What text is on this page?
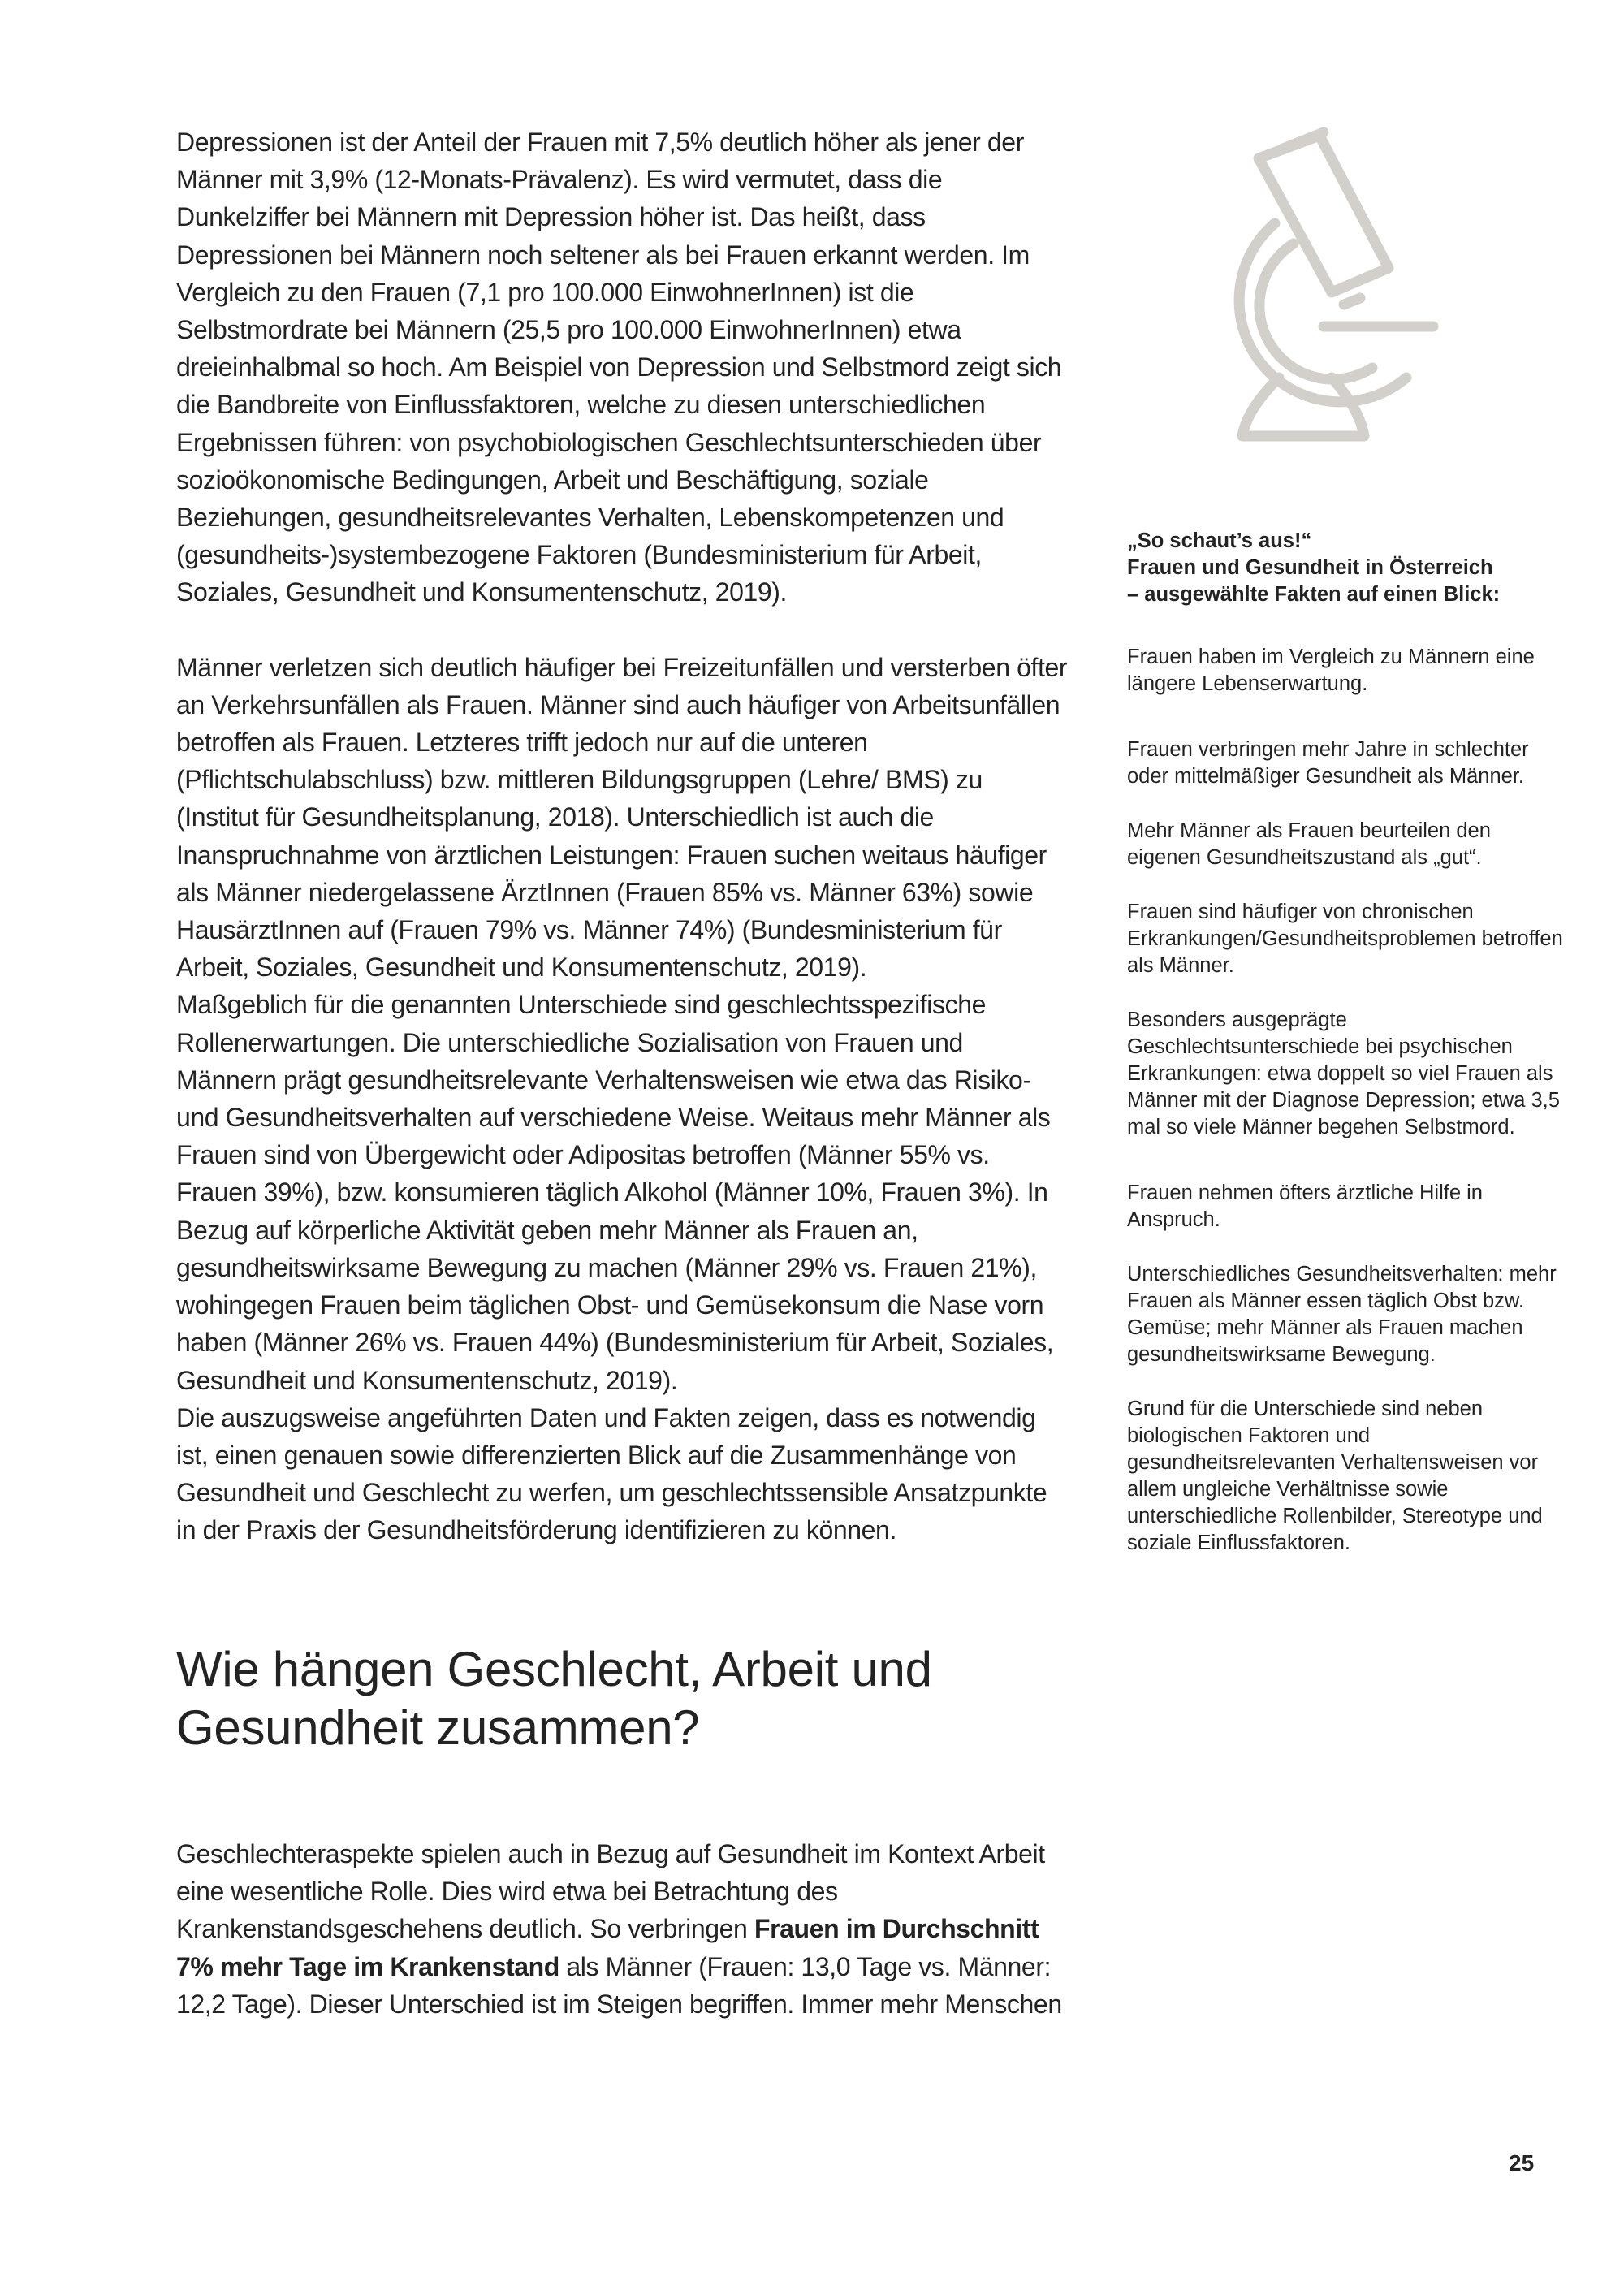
Depressionen ist der Anteil der Frauen mit 7,5% deutlich höher als jener der Männer mit 3,9% (12-Monats-Prävalenz). Es wird vermutet, dass die Dunkelziffer bei Männern mit Depression höher ist. Das heißt, dass Depressionen bei Männern noch seltener als bei Frauen erkannt werden. Im Vergleich zu den Frauen (7,1 pro 100.000 EinwohnerInnen) ist die Selbstmordrate bei Männern (25,5 pro 100.000 EinwohnerInnen) etwa dreieinhalbmal so hoch. Am Beispiel von Depression und Selbstmord zeigt sich die Bandbreite von Einflussfaktoren, welche zu diesen unterschiedlichen Ergebnissen führen: von psychobiologischen Geschlechtsunterschieden über sozioökonomische Bedingungen, Arbeit und Beschäftigung, soziale Beziehungen, gesundheitsrelevantes Verhalten, Lebenskompetenzen und (gesundheits-)systembezogene Faktoren (Bundesministerium für Arbeit, Soziales, Gesundheit und Konsumentenschutz, 2019).

Männer verletzen sich deutlich häufiger bei Freizeitunfällen und versterben öfter an Verkehrsunfällen als Frauen. Männer sind auch häufiger von Arbeitsunfällen betroffen als Frauen. Letzteres trifft jedoch nur auf die unteren (Pflichtschulabschluss) bzw. mittleren Bildungsgruppen (Lehre/ BMS) zu (Institut für Gesundheitsplanung, 2018). Unterschiedlich ist auch die Inanspruchnahme von ärztlichen Leistungen: Frauen suchen weitaus häufiger als Männer niedergelassene ÄrztInnen (Frauen 85% vs. Männer 63%) sowie HausärztInnen auf (Frauen 79% vs. Männer 74%) (Bundesministerium für Arbeit, Soziales, Gesundheit und Konsumentenschutz, 2019).

Maßgeblich für die genannten Unterschiede sind geschlechtsspezifische Rollenerwartungen. Die unterschiedliche Sozialisation von Frauen und Männern prägt gesundheitsrelevante Verhaltensweisen wie etwa das Risiko- und Gesundheitsverhalten auf verschiedene Weise. Weitaus mehr Männer als Frauen sind von Übergewicht oder Adipositas betroffen (Männer 55% vs. Frauen 39%), bzw. konsumieren täglich Alkohol (Männer 10%, Frauen 3%). In Bezug auf körperliche Aktivität geben mehr Männer als Frauen an, gesundheitswirksame Bewegung zu machen (Männer 29% vs. Frauen 21%), wohingegen Frauen beim täglichen Obst- und Gemüsekonsum die Nase vorn haben (Männer 26% vs. Frauen 44%) (Bundesministerium für Arbeit, Soziales, Gesundheit und Konsumentenschutz, 2019).

Die auszugsweise angeführten Daten und Fakten zeigen, dass es notwendig ist, einen genauen sowie differenzierten Blick auf die Zusammenhänge von Gesundheit und Geschlecht zu werfen, um geschlechtssensible Ansatzpunkte in der Praxis der Gesundheitsförderung identifizieren zu können.

Wie hängen Geschlecht, Arbeit und Gesundheit zusammen?

Geschlechteraspekte spielen auch in Bezug auf Gesundheit im Kontext Arbeit eine wesentliche Rolle. Dies wird etwa bei Betrachtung des Krankenstandsgeschehens deutlich. So verbringen Frauen im Durchschnitt 7% mehr Tage im Krankenstand als Männer (Frauen: 13,0 Tage vs. Männer: 12,2 Tage). Dieser Unterschied ist im Steigen begriffen. Immer mehr Menschen

„So schaut’s aus!“
Frauen und Gesundheit in Österreich
– ausgewählte Fakten auf einen Blick:

Frauen haben im Vergleich zu Männern eine längere Lebenserwartung.

Frauen verbringen mehr Jahre in schlechter oder mittelmäßiger Gesundheit als Männer.

Mehr Männer als Frauen beurteilen den eigenen Gesundheitszustand als „gut“.

Frauen sind häufiger von chronischen Erkrankungen/Gesundheitsproblemen betroffen als Männer.

Besonders ausgeprägte Geschlechtsunterschiede bei psychischen Erkrankungen: etwa doppelt so viel Frauen als Männer mit der Diagnose Depression; etwa 3,5 mal so viele Männer begehen Selbstmord.

Frauen nehmen öfters ärztliche Hilfe in Anspruch.

Unterschiedliches Gesundheitsverhalten: mehr Frauen als Männer essen täglich Obst bzw. Gemüse; mehr Männer als Frauen machen gesundheitswirksame Bewegung.

Grund für die Unterschiede sind neben biologischen Faktoren und gesundheitsrelevanten Verhaltensweisen vor allem ungleiche Verhältnisse sowie unterschiedliche Rollenbilder, Stereotype und soziale Einflussfaktoren.

25
